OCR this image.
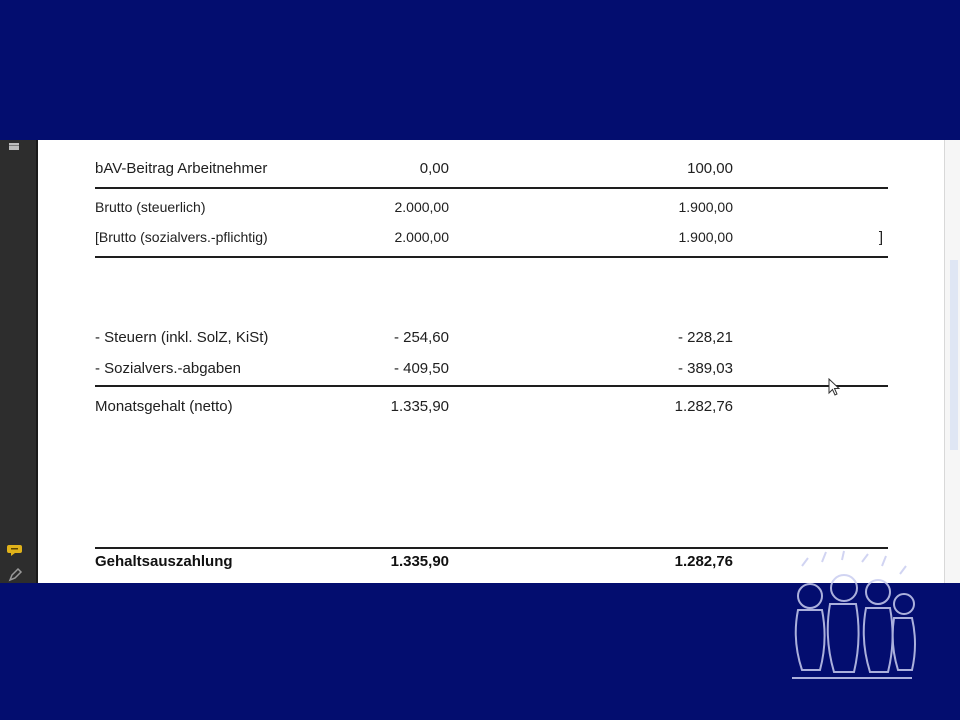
bAV-Beitrag Arbeitnehmer	0,00	100,00
Brutto (steuerlich)	2.000,00	1.900,00
[Brutto (sozialvers.-pflichtig)	2.000,00	1.900,00	]
- Steuern (inkl. SolZ, KiSt)	- 254,60	- 228,21
- Sozialvers.-abgaben	- 409,50	- 389,03
Monatsgehalt (netto)	1.335,90	1.282,76
Gehaltsauszahlung	1.335,90	1.282,76
